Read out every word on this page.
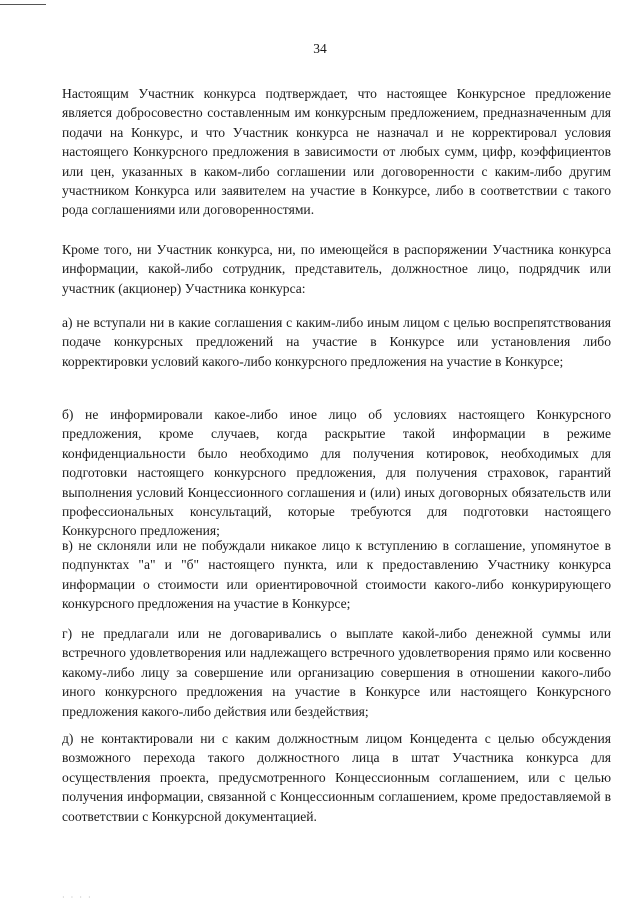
34

Настоящим Участник конкурса подтверждает, что настоящее Конкурсное предложение является добросовестно составленным им конкурсным предложением, предназначенным для подачи на Конкурс, и что Участник конкурса не назначал и не корректировал условия настоящего Конкурсного предложения в зависимости от любых сумм, цифр, коэффициентов или цен, указанных в каком-либо соглашении или договоренности с каким-либо другим участником Конкурса или заявителем на участие в Конкурсе, либо в соответствии с такого рода соглашениями или договоренностями.

Кроме того, ни Участник конкурса, ни, по имеющейся в распоряжении Участника конкурса информации, какой-либо сотрудник, представитель, должностное лицо, подрядчик или участник (акционер) Участника конкурса:

а) не вступали ни в какие соглашения с каким-либо иным лицом с целью воспрепятствования подаче конкурсных предложений на участие в Конкурсе или установления либо корректировки условий какого-либо конкурсного предложения на участие в Конкурсе;

б) не информировали какое-либо иное лицо об условиях настоящего Конкурсного предложения, кроме случаев, когда раскрытие такой информации в режиме конфиденциальности было необходимо для получения котировок, необходимых для подготовки настоящего конкурсного предложения, для получения страховок, гарантий выполнения условий Концессионного соглашения и (или) иных договорных обязательств или профессиональных консультаций, которые требуются для подготовки настоящего Конкурсного предложения;

в) не склоняли или не побуждали никакое лицо к вступлению в соглашение, упомянутое в подпунктах "а" и "б" настоящего пункта, или к предоставлению Участнику конкурса информации о стоимости или ориентировочной стоимости какого-либо конкурирующего конкурсного предложения на участие в Конкурсе;

г) не предлагали или не договаривались о выплате какой-либо денежной суммы или встречного удовлетворения или надлежащего встречного удовлетворения прямо или косвенно какому-либо лицу за совершение или организацию совершения в отношении какого-либо иного конкурсного предложения на участие в Конкурсе или настоящего Конкурсного предложения какого-либо действия или бездействия;

д) не контактировали ни с каким должностным лицом Концедента с целью обсуждения возможного перехода такого должностного лица в штат Участника конкурса для осуществления проекта, предусмотренного Концессионным соглашением, или с целью получения информации, связанной с Концессионным соглашением, кроме предоставляемой в соответствии с Конкурсной документацией.

· · · ·
